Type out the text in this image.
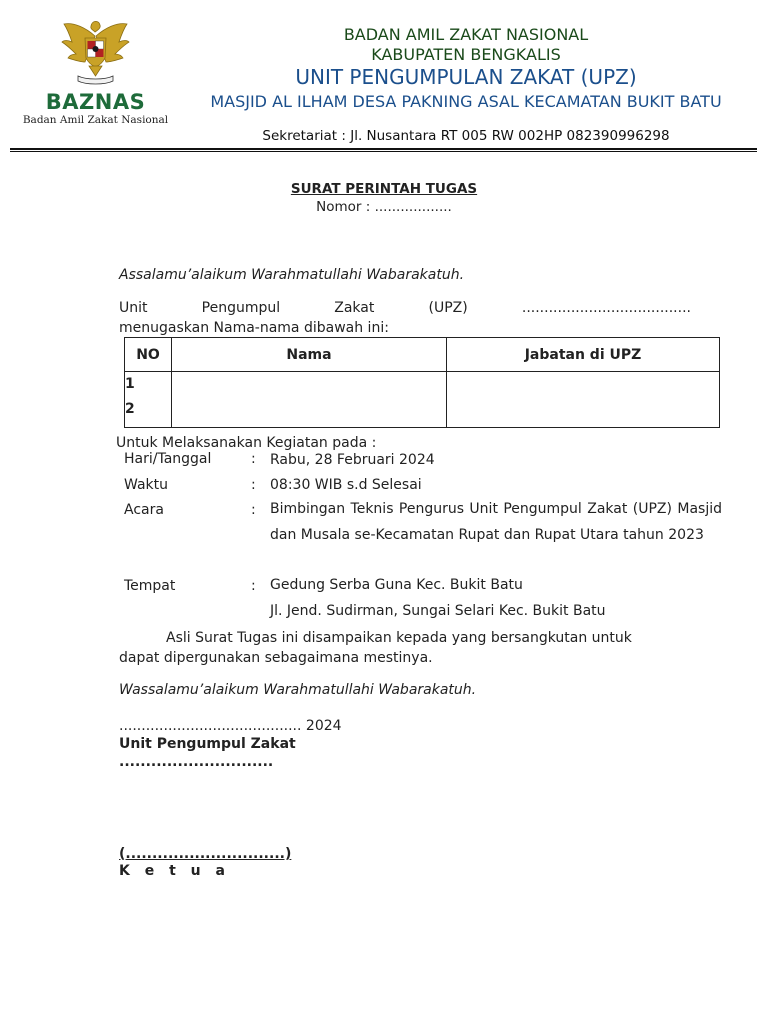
BAZNAS
Badan Amil Zakat Nasional
BADAN AMIL ZAKAT NASIONAL
KABUPATEN BENGKALIS
UNIT PENGUMPULAN ZAKAT (UPZ)
MASJID AL ILHAM DESA PAKNING ASAL KECAMATAN BUKIT BATU
Sekretariat : Jl. Nusantara RT 005 RW 002HP 082390996298
SURAT PERINTAH TUGAS
Nomor : ..................
Assalamu’alaikum Warahmatullahi Wabarakatuh.
Unit	Pengumpul	Zakat	(UPZ)	......................................
menugaskan Nama-nama dibawah ini:
NO	Nama	Jabatan di UPZ

1
2		

Untuk Melaksanakan Kegiatan pada :
Hari/Tanggal	: Rabu, 28 Februari 2024
Waktu	: 08:30 WIB s.d Selesai
Acara	: Bimbingan Teknis Pengurus Unit Pengumpul Zakat (UPZ) Masjid dan Musala se-Kecamatan Rupat dan Rupat Utara tahun 2023
Tempat	: Gedung Serba Guna Kec. Bukit Batu
Jl. Jend. Sudirman, Sungai Selari Kec. Bukit Batu
Asli Surat Tugas ini disampaikan kepada yang bersangkutan untuk
dapat dipergunakan sebagaimana mestinya.
Wassalamu’alaikum Warahmatullahi Wabarakatuh.
......................................... 2024
Unit Pengumpul Zakat
.............................
(..............................)
K e t u a
